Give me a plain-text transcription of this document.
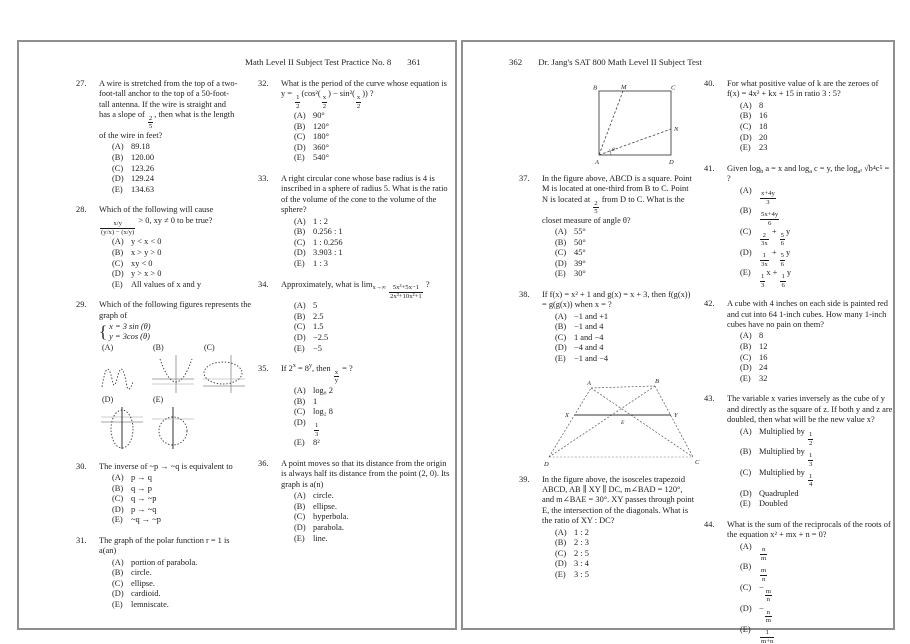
Math Level II Subject Test Practice No. 8 361
27.	A wire is stretched from the top of a two-foot-tall anchor to the top of a 50-foot-tall antenna. If the wire is straight and has a slope of
$\frac{2}{5}$
, then what is the length of the wire in feet?
(A) 89.18
(B) 120.00
(C) 123.26
(D) 129.24
(E) 134.63
28.	Which of the following will cause
$\frac{x/y}{(y/x) - (x/y)}$
> 0, xy ≠ 0 to be true?
(A) y < x < 0
(B) x > y > 0
(C) xy < 0
(D) y > x > 0
(E) All values of x and y
29.	Which of the following figures represents the graph of
{ x = 3 sin (θ)
y = 3cos (θ)
(A)	(B)	(C)
(D)	(E)
30.	The inverse of ~p → ~q is equivalent to
(A) p → q
(B) q → p
(C) q → ~p
(D) p → ~q
(E) ~q → ~p
31.	The graph of the polar function r = 1 is a(an)
(A) portion of parabola.
(B) circle.
(C) ellipse.
(D) cardioid.
(E) lemniscate.
32.	What is the period of the curve whose equation is y =
$\frac{1}{2}$
(cos²(
$\frac{x}{2}$
) − sin²(
$\frac{x}{2}$
)) ?
(A) 90°
(B) 120°
(C) 180°
(D) 360°
(E) 540°
33.	A right circular cone whose base radius is 4 is inscribed in a sphere of radius 5. What is the ratio of the volume of the cone to the volume of the sphere?
(A) 1 : 2
(B) 0.256 : 1
(C) 1 : 0.256
(D) 3.903 : 1
(E) 1 : 3
34.	Approximately, what is $\lim_{x\to\infty} \frac{\text{5x³+5x−1}}{\text{2x³+10x²+1}}$
?
(A) 5
(B) 2.5
(C) 1.5
(D) −2.5
(E) −5
35.	If $2^x = 8^y$, then
$\frac{x}{y}$
= ?
(A) log₈ 2
(B) 1
(C) log₂ 8
(D)
$\frac{1}{3}$
(E) 8²
36.	A point moves so that its distance from the origin is always half its distance from the point (2, 0). Its graph is a(n)
(A) circle.
(B) ellipse.
(C) hyperbola.
(D) parabola.
(E) line.
362 Dr. Jang's SAT 800 Math Level II Subject Test
B	M	C
N
A	D
θ
37.	In the figure above, ABCD is a square. Point M is located at one-third from B to C. Point N is located at
$\frac{2}{5}$
from D to C. What is the closet measure of angle θ?
(A) 55°
(B) 50°
(C) 45°
(D) 39°
(E) 30°
38.	If f(x) = x² + 1 and g(x) = x + 3, then f(g(x)) = g(g(x)) when x = ?
(A) −1 and +1
(B) −1 and 4
(C) 1 and −4
(D) −4 and 4
(E) −1 and −4
A	B
X	Y
E
D	C
39.	In the figure above, the isosceles trapezoid ABCD, AB ∥ XY ∥ DC, m∠BAD = 120°, and m∠BAE = 30°. XY passes through point E, the intersection of the diagonals. What is the ratio of XY : DC?
(A) 1 : 2
(B) 2 : 3
(C) 2 : 5
(D) 3 : 4
(E) 3 : 5
40.	For what positive value of k are the zeroes of f(x) = 4x² + kx + 15 in ratio 3 : 5?
(A) 8
(B) 16
(C) 18
(D) 20
(E) 23
41.	Given $\log_b a = x$ and $\log_a c = y$, the $\log_{a^3} √b^4c^5$ = ?
(A)
$\frac{x+4y}{3}$
(B)
$\frac{5x+4y}{6}$
(C)
$\frac{2}{3x}$
+
$\frac{5}{6}$
y
(D)
$\frac{1}{3x}$
+
$\frac{5}{6}$
y
(E)
$\frac{1}{3}$
x +
$\frac{1}{6}$
y
42.	A cube with 4 inches on each side is painted red and cut into 64 1-inch cubes. How many 1-inch cubes have no pain on them?
(A) 8
(B) 12
(C) 16
(D) 24
(E) 32
43.	The variable x varies inversely as the cube of y and directly as the square of z. If both y and z are doubled, then what will be the new value x?
(A) Multiplied by
$\frac{1}{2}$
(B) Multiplied by
$\frac{1}{3}$
(C) Multiplied by
$\frac{1}{4}$
(D) Quadrupled
(E) Doubled
44.	What is the sum of the reciprocals of the roots of the equation x² + mx + n = 0?
(A)
$\frac{n}{m}$
(B)
$\frac{m}{n}$
(C) −
$\frac{m}{n}$
(D) −
$\frac{n}{m}$
(E)
$\frac{1}{m+n}$
